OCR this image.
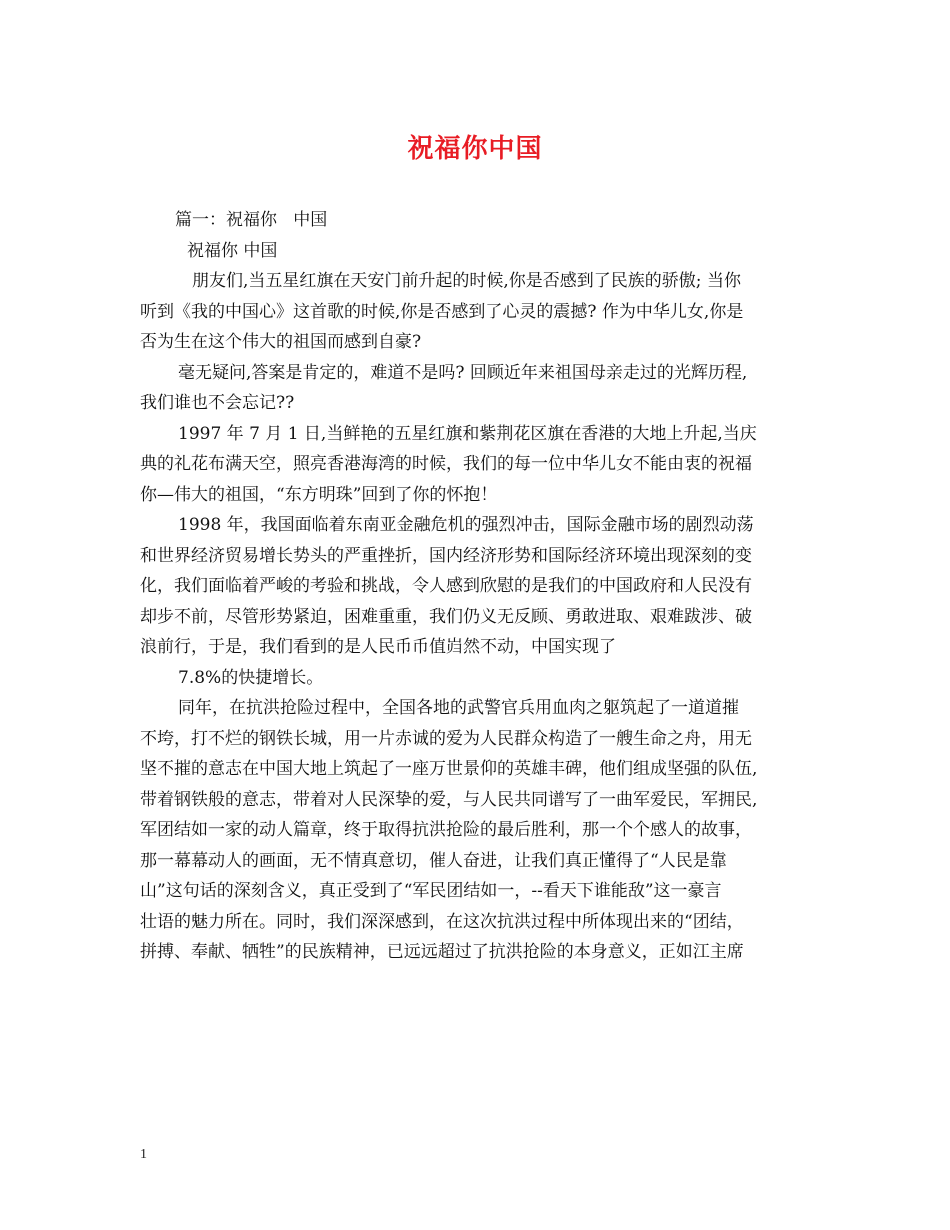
祝福你中国
篇一：祝福你   中国
祝福你 中国
朋友们,当五星红旗在天安门前升起的时候,你是否感到了民族的骄傲; 当你
听到《我的中国心》这首歌的时候,你是否感到了心灵的震撼? 作为中华儿女,你是
否为生在这个伟大的祖国而感到自豪?
毫无疑问,答案是肯定的，难道不是吗? 回顾近年来祖国母亲走过的光辉历程,
我们谁也不会忘记??
1997 年 7 月 1 日,当鲜艳的五星红旗和紫荆花区旗在香港的大地上升起,当庆
典的礼花布满天空，照亮香港海湾的时候，我们的每一位中华儿女不能由衷的祝福
你—伟大的祖国，“东方明珠”回到了你的怀抱！
1998 年，我国面临着东南亚金融危机的强烈冲击，国际金融市场的剧烈动荡
和世界经济贸易增长势头的严重挫折，国内经济形势和国际经济环境出现深刻的变
化，我们面临着严峻的考验和挑战，令人感到欣慰的是我们的中国政府和人民没有
却步不前，尽管形势紧迫，困难重重，我们仍义无反顾、勇敢进取、艰难跋涉、破
浪前行，于是，我们看到的是人民币币值岿然不动，中国实现了
7.8%的快捷增长。
同年，在抗洪抢险过程中，全国各地的武警官兵用血肉之躯筑起了一道道摧
不垮，打不烂的钢铁长城，用一片赤诚的爱为人民群众构造了一艘生命之舟，用无
坚不摧的意志在中国大地上筑起了一座万世景仰的英雄丰碑，他们组成坚强的队伍,
带着钢铁般的意志，带着对人民深挚的爱，与人民共同谱写了一曲军爱民，军拥民,
军团结如一家的动人篇章，终于取得抗洪抢险的最后胜利，那一个个感人的故事，
那一幕幕动人的画面，无不情真意切，催人奋进，让我们真正懂得了“人民是靠
山”这句话的深刻含义，真正受到了“军民团结如一，--看天下谁能敌”这一豪言
壮语的魅力所在。同时，我们深深感到，在这次抗洪过程中所体现出来的“团结，
拼搏、奉献、牺牲”的民族精神，已远远超过了抗洪抢险的本身意义，正如江主席
1
